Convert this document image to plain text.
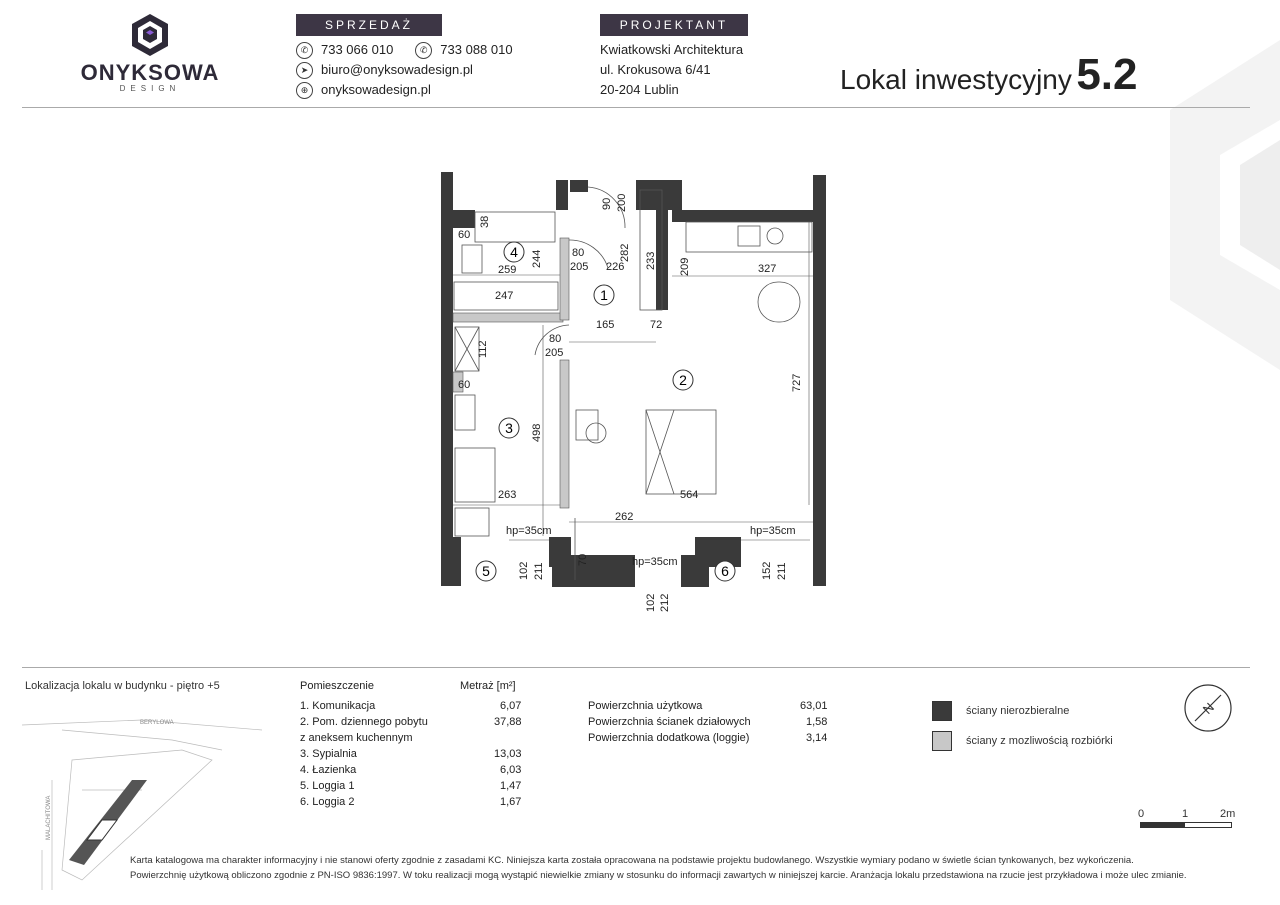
ONYKSOWA
DESIGN
SPRZEDAŻ
✆ 733 066 010	✆ 733 088 010
➤ biuro@onyksowadesign.pl
⊕ onyksowadesign.pl
PROJEKTANT
Kwiatkowski Architektura
ul. Krokusowa 6/41
20-204 Lublin	Lokal inwestycyjny 5.2
60
38
259
244	80
205 226
282
90 200
233 209	327
247
165	72
112
80
205
60
498
727
263	564
262
70
102 211
102 212
152 211
hp=35cm
hp=35cm
hp=35cm
4
1
2
3
5	6
Lokalizacja lokalu w budynku - piętro +5
BERYLOWA
MALACHITOWA
Pomieszczenie	Metraż [m²]
1. Komunikacja	6,07
2. Pom. dziennego pobytu	37,88
z aneksem kuchennym
3. Sypialnia	13,03
4. Łazienka	6,03
5. Loggia 1	1,47
6. Loggia 2	1,67
Powierzchnia użytkowa	63,01
Powierzchnia ścianek działowych	1,58
Powierzchnia dodatkowa (loggie)	3,14
ściany nierozbieralne
ściany z mozliwością rozbiórki
N
0	1	2m
Karta katalogowa ma charakter informacyjny i nie stanowi oferty zgodnie z zasadami KC. Niniejsza karta została opracowana na podstawie projektu budowlanego. Wszystkie wymiary podano w świetle ścian tynkowanych, bez wykończenia.
Powierzchnię użytkową obliczono zgodnie z PN-ISO 9836:1997. W toku realizacji mogą wystąpić niewielkie zmiany w stosunku do informacji zawartych w niniejszej karcie. Aranżacja lokalu przedstawiona na rzucie jest przykładowa i może ulec zmianie.
